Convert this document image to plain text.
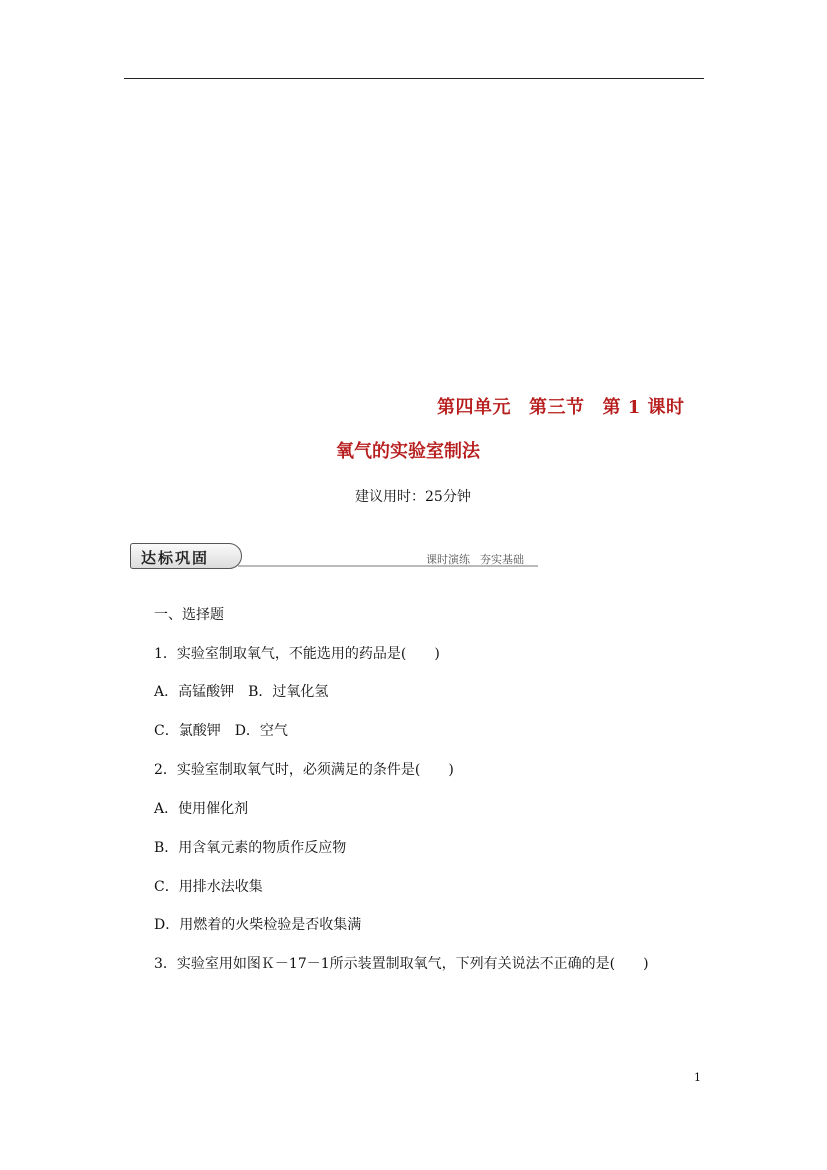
第四单元 第三节 第 1 课时
氧气的实验室制法
建议用时：25分钟
达标巩固	课时演练 夯实基础
一、选择题
1．实验室制取氧气，不能选用的药品是(　　)
A．高锰酸钾　B．过氧化氢
C．氯酸钾　D．空气
2．实验室制取氧气时，必须满足的条件是(　　)
A．使用催化剂
B．用含氧元素的物质作反应物
C．用排水法收集
D．用燃着的火柴检验是否收集满
3．实验室用如图Ｋ－17－1所示装置制取氧气，下列有关说法不正确的是(　　)
1
